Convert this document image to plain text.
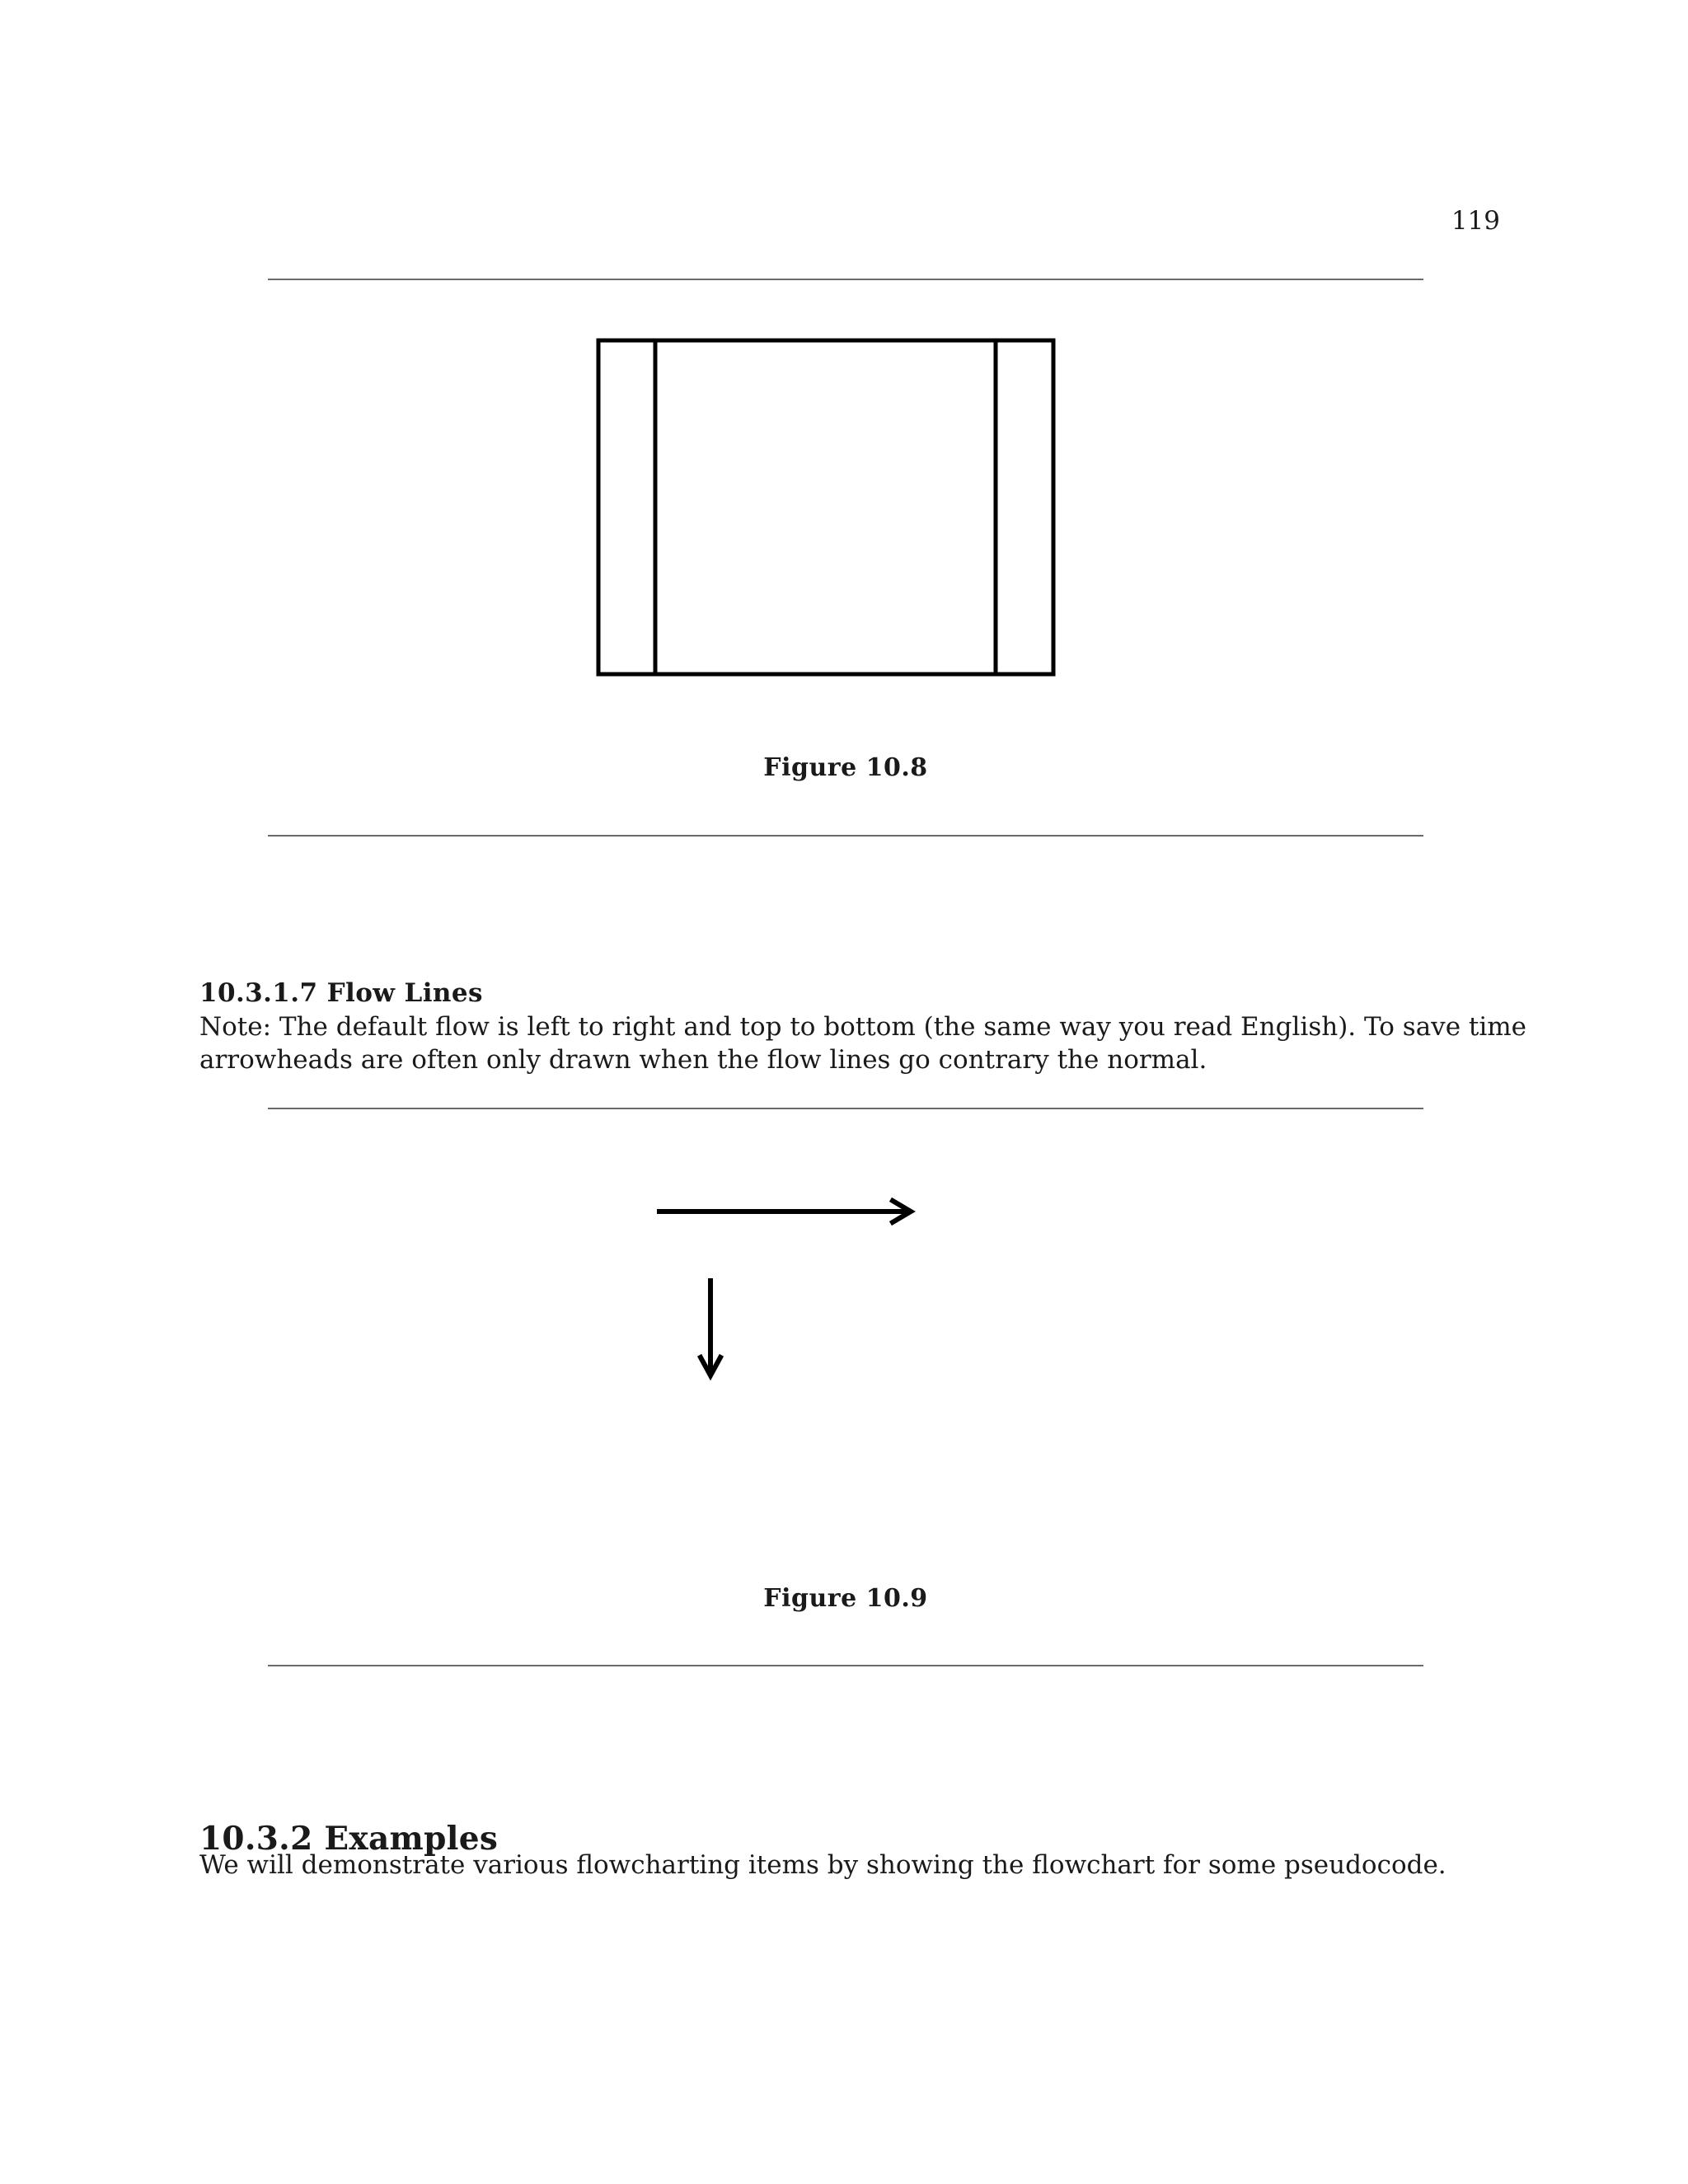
119
Figure 10.8
10.3.1.7 Flow Lines
Note: The default flow is left to right and top to bottom (the same way you read English). To save time
arrowheads are often only drawn when the flow lines go contrary the normal.
Figure 10.9
10.3.2 Examples
We will demonstrate various flowcharting items by showing the flowchart for some pseudocode.
